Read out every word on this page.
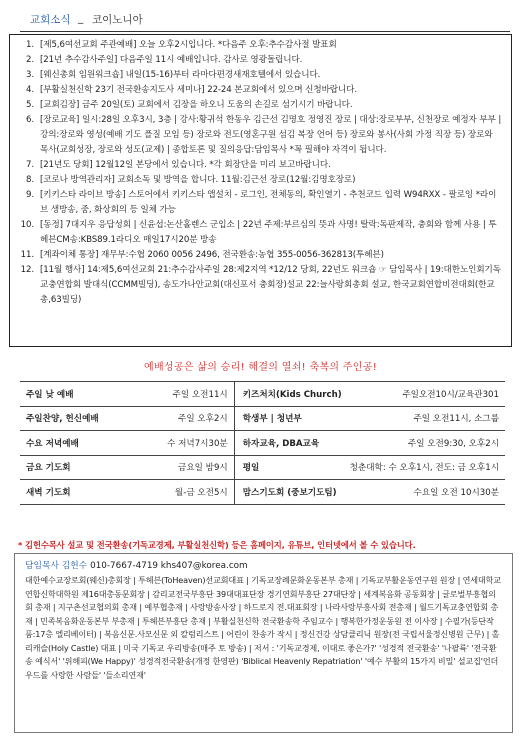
교회소식 _ 코이노니아
1. [제5,6여선교회 주관예배] 오늘 오후2시입니다. *다음주 오후:추수감사절 발표회
2. [21년 추수감사주일] 다음주일 11시 예배입니다. 감사로 영광돌립니다.
3. [웨신총회 임원워크숍] 내일(15-16)부터 라마다편경새재호텔에서 있습니다.
4. [부활실천신학 23기 전국환송지도사 세미나] 22-24 본교회에서 있으며 신청바랍니다.
5. [교회김장] 금주 20일(토) 교회에서 김장을 하오니 도움의 손길로 섬기시기 바랍니다.
6. [장로교육] 일시:28일 오후3시, 3층 | 강사:황귀석 한동우 김근선 김명호 정영진 장로 | 대상:장로부부, 신천장로 예정자 부부 | 강의:장로와 영성(예배 기도 플질 모임 등) 장로와 전도(영혼구원 섬김 복장 언어 등) 장로와 봉사(사회 가정 직장 등) 장로와 목사(교회성장, 장로와 성도(교제) | 종합토론 및 질의응답:담임목사 *꼭 필해야 자격이 됩니다.
7. [21년도 당회] 12월12일 본당에서 있습니다. *각 회장단을 미리 보고바랍니다.
8. [코로나 방역관리자] 교회소독 및 방역을 합니다. 11월:김근선 장로(12월:김명호장로)
9. [키키스타 라이브 방송] 스토어에서 키키스타 앱설치 - 로그인, 전체동의, 확인열기 - 추천코드 입력 W94RXX - 팔로잉 *라이브 생방송, 줌, 화상회의 등 일체 가능
10. [동정] 7대지우 응답성회 | 신윤섭:논산홀렌스 군입소 | 22년 주제:부르심의 뜻과 사명! 탈락:독판제작, 충회와 함께 사용 | 투헤븐CM송:KBS89.1라디오 매일17시20분 방송
11. [계좌이체 통장] 재무부:수협 2060 0056 2496, 전국환송:농협 355-0056-362813(투헤븐)
12. [11월 행사] 14:제5,6여선교회 21:추수감사주일 28:제2지역 *12/12 당회, 22년도 워크숍 ☞ 담임목사 | 19:대한노인회기독교충연합회 발대식(CCMM빌딩), 송도가나안교회(대신포서 충회장)설교 22:늘사랑회총회 설교, 한국교회연합비전대회(한교총,63빌딩)
예배성공은 삶의 승리! 해결의 열쇠! 축복의 주인공!
주일 낮 예배	주일 오전11시	키즈처치(Kids Church)	주일오전10시/교육관301
주일찬양, 헌신예배	주일 오후2시	학생부 | 청년부	주일 오전11시, 소그룹
수요 저녁예배	수 저녁7시30분	하자교육, DBA교육	주일 오전9:30, 오후2시
금요 기도회	금요일 밤9시	평일	청춘대학: 수 오후1시, 전도: 금 오후1시
새벽 기도회	월-금 오전5시	맘스기도회 (중보기도팀)	수요일 오전 10시30분
* 김헌수목사 설교 및 전국환송(기독교경제, 부활실천신학) 등은 홈페이지, 유튜브, 인터넷에서 볼 수 있습니다.
담임목사 김헌수 010-7667-4719 khs407@korea.com
대한예수교장로회(웨신)총회장 | 투헤븐(ToHeaven)선교회대표 | 기독교장례문화운동본부 총재 | 기독교부활운동연구원 원장 | 연세대학교연합신학대학원 제16대총동문회장 | 감리교전국부흥단 39대대표단장 경기연회부흥단 27대단장 | 세계복음화 공동회장 | 글로벌부흥협의회 총재 | 지구촌선교협의회 총재 | 예부협총재 | 사랑방송사장 | 하드로지 전.대표회장 | 나라사랑부흥사회 전총재 | 월드기독교충연합회 총재 | 민족복음화운동본부 부총재 | 투헤븐부흥단 총재 | 부활실천신학 전국환송학 주임교수 | 행복한가정운동원 전 이사장 | 수필가(등단작품:17층 엘리베이터) | 복음신문.사모신문 외 칼럼리스트 | 어린이 찬송가 작시 | 정신건강 상담클리닉 원장(전 국립서울정신병원 근무) | 홀리캐슬(Holy Castle) 대표 | 미국 기독교 우리방송(매주 토 방송) | 저서 : '기독교경제, 이대로 좋은가?' '성경적 전국환송' '나팔륙' '전국환송 예식서' '위해피(We Happy)' 성경적전국환송(개정 한영판) 'Biblical Heavenly Repatriation' '예수 부활의 15가지 비밀' 설교집'언더우드를 사랑한 사람들' '들소리연재'
